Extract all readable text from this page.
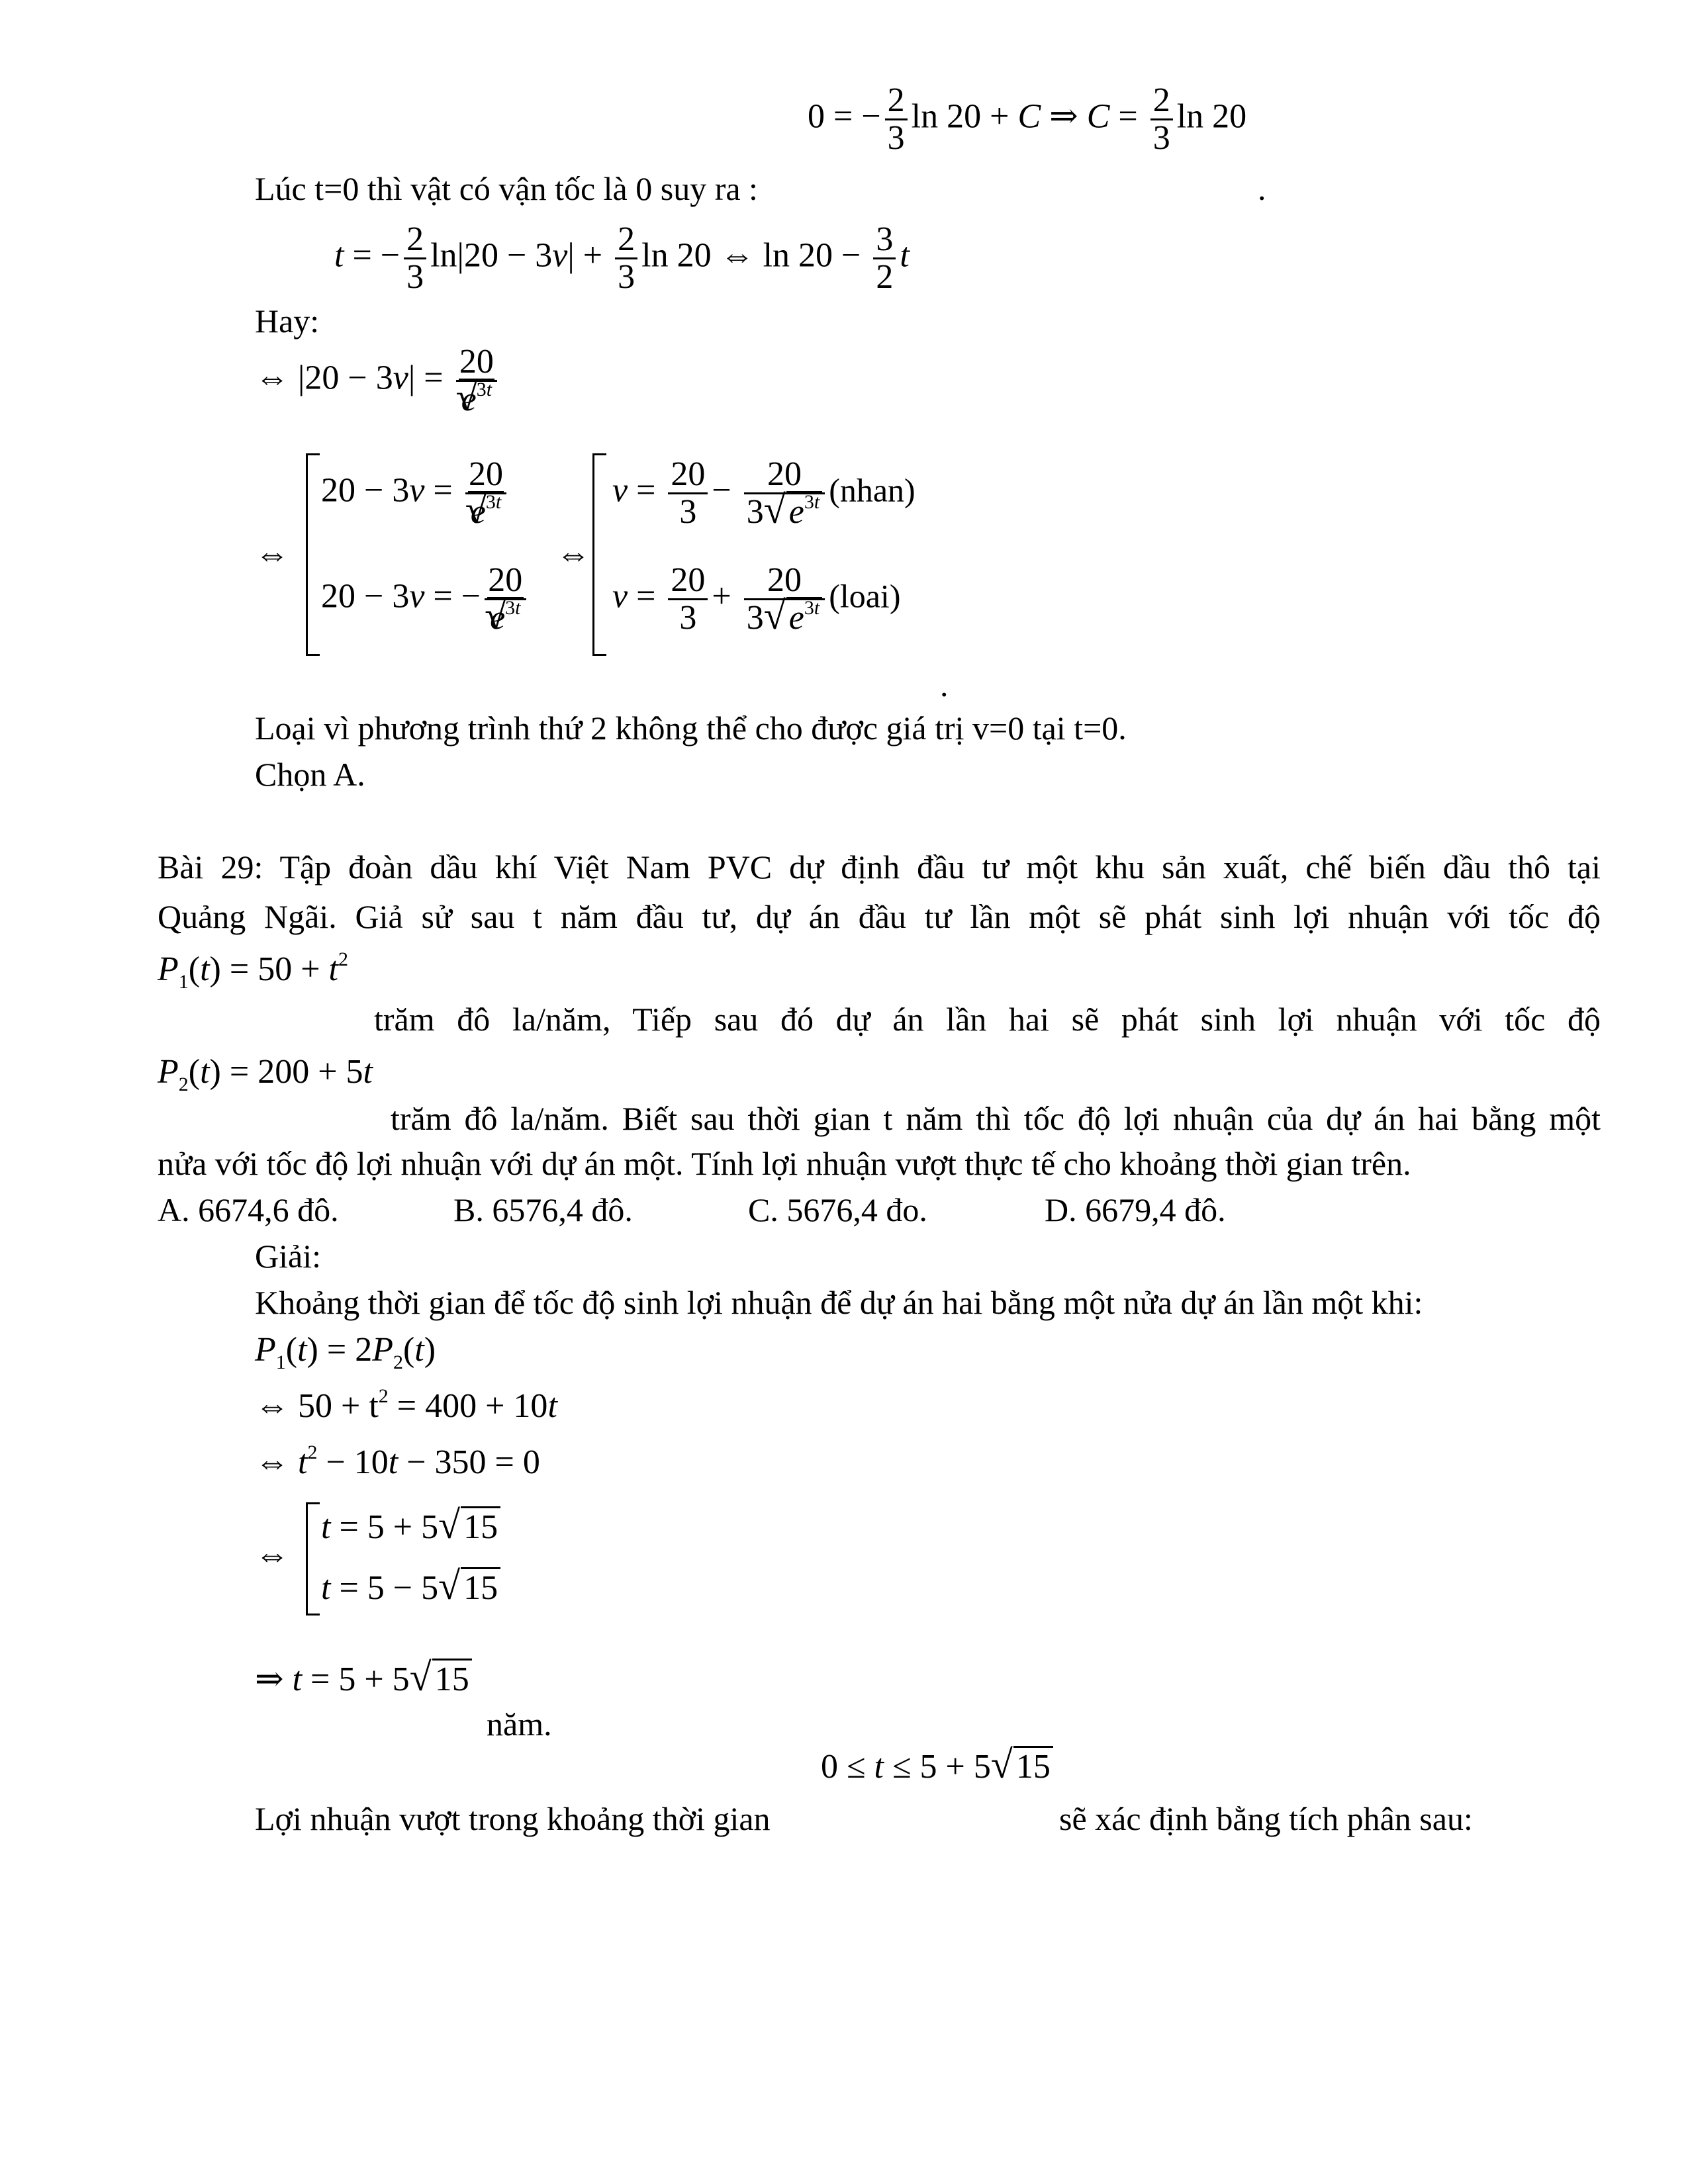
0 = − $\frac{2}{3}$ ln 20 + C ⇒ $C = \frac{2}{3}$ ln 20
Lúc t=0 thì vật có vận tốc là 0 suy ra :	.
t = − $\frac{2}{3} \ln|20 - 3v| + \frac{2}{3}$ ln 20 ⇔ $\ln 20 - \frac{3}{2}$ t
Hay:
⇔ |20 − 3v| = 20
√ $e^{3t}$
⇔
20 − 3v = 20
√ $e^{3t}$
20 − 3v = − 20
√ $e^{3t}$
⇔
$v = \frac{20}{3} - \frac{20}{3 √ e^{3t}}$ (nhan)
$v = \frac{20}{3} + \frac{20}{3 √ e^{3t}}$ (loai)
.
Loại vì phương trình thứ 2 không thể cho được giá trị v=0 tại t=0.
Chọn A.
Bài 29: Tập đoàn dầu khí Việt Nam PVC dự định đầu tư một khu sản xuất, chế biến dầu thô tại
Quảng Ngãi. Giả sử sau t năm đầu tư, dự án đầu tư lần một sẽ phát sinh lợi nhuận với tốc độ
$P_1(t) = 50 + t^2$
trăm đô la/năm, Tiếp sau đó dự án lần hai sẽ phát sinh lợi nhuận với tốc độ
$P_2(t) = 200 + 5t$
trăm đô la/năm. Biết sau thời gian t năm thì tốc độ lợi nhuận của dự án hai bằng một
nửa với tốc độ lợi nhuận với dự án một. Tính lợi nhuận vượt thực tế cho khoảng thời gian trên.
A. 6674,6 đô.	B. 6576,4 đô.	C. 5676,4 đo.	D. 6679,4 đô.
Giải:
Khoảng thời gian để tốc độ sinh lợi nhuận để dự án hai bằng một nửa dự án lần một khi:
$P_1(t) = 2P_2(t)$
⇔ $50 + t^2 = 400 + 10t$
⇔ $t^2 - 10t - 350 = 0$
⇔
t = 5 + 5 √ 15
t = 5 − 5 √ 15
⇒ t = 5 + 5 √ 15
năm.
0 ≤ t ≤ 5 + 5 √ 15
Lợi nhuận vượt trong khoảng thời gian	sẽ xác định bằng tích phân sau:
